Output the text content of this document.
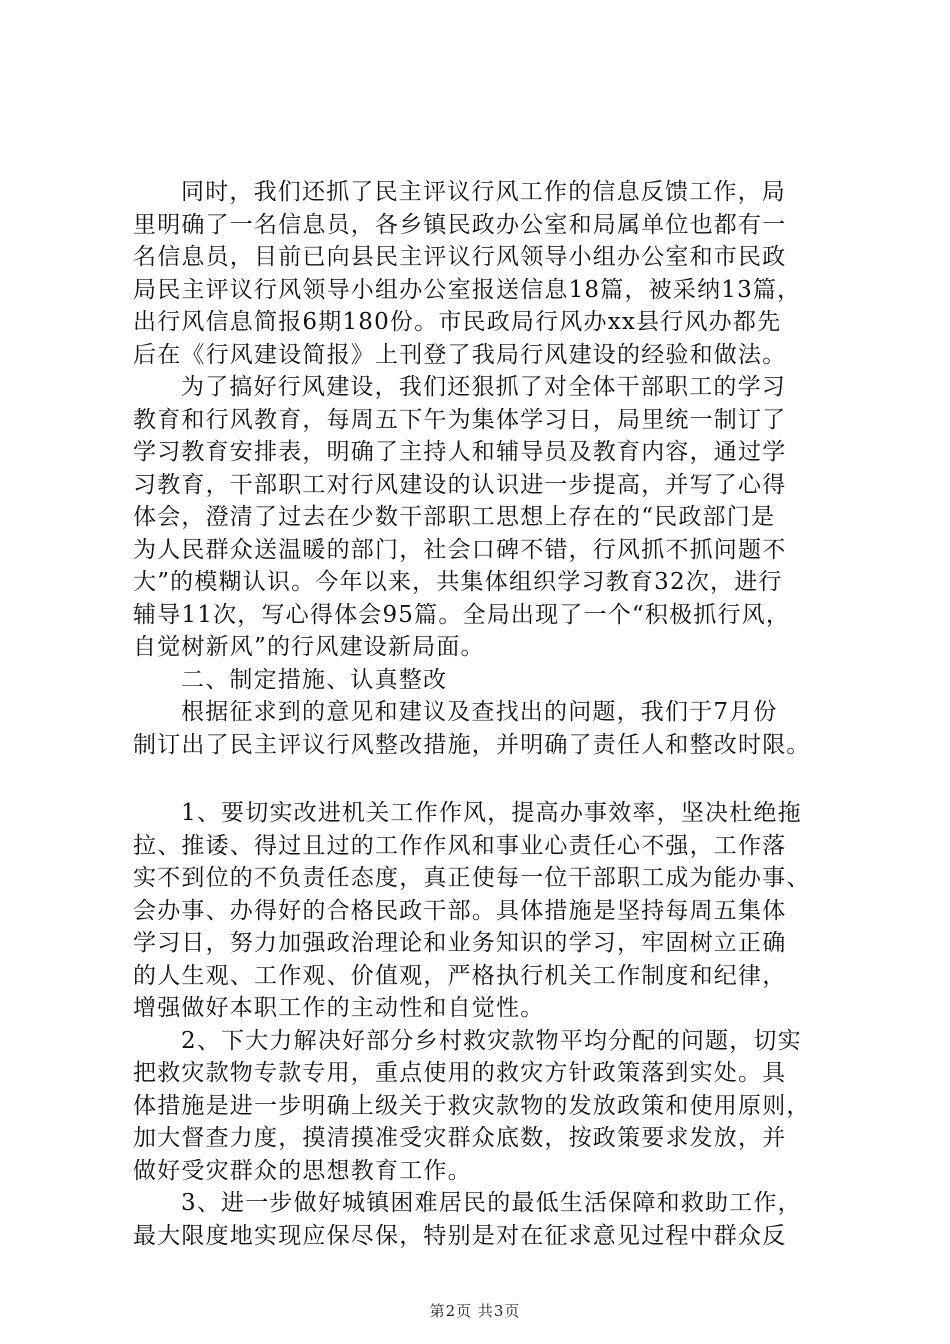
同时，我们还抓了民主评议行风工作的信息反馈工作，局
里明确了一名信息员，各乡镇民政办公室和局属单位也都有一
名信息员，目前已向县民主评议行风领导小组办公室和市民政
局民主评议行风领导小组办公室报送信息18篇，被采纳13篇，
出行风信息简报6期180份。市民政局行风办xx县行风办都先
后在《行风建设简报》上刊登了我局行风建设的经验和做法。
为了搞好行风建设，我们还狠抓了对全体干部职工的学习
教育和行风教育，每周五下午为集体学习日，局里统一制订了
学习教育安排表，明确了主持人和辅导员及教育内容，通过学
习教育，干部职工对行风建设的认识进一步提高，并写了心得
体会，澄清了过去在少数干部职工思想上存在的“民政部门是
为人民群众送温暖的部门，社会口碑不错，行风抓不抓问题不
大”的模糊认识。今年以来，共集体组织学习教育32次，进行
辅导11次，写心得体会95篇。全局出现了一个“积极抓行风，
自觉树新风”的行风建设新局面。
二、制定措施、认真整改
根据征求到的意见和建议及查找出的问题，我们于7月份
制订出了民主评议行风整改措施，并明确了责任人和整改时限。
1、要切实改进机关工作作风，提高办事效率，坚决杜绝拖
拉、推诿、得过且过的工作作风和事业心责任心不强，工作落
实不到位的不负责任态度，真正使每一位干部职工成为能办事、
会办事、办得好的合格民政干部。具体措施是坚持每周五集体
学习日，努力加强政治理论和业务知识的学习，牢固树立正确
的人生观、工作观、价值观，严格执行机关工作制度和纪律，
增强做好本职工作的主动性和自觉性。
2、下大力解决好部分乡村救灾款物平均分配的问题，切实
把救灾款物专款专用，重点使用的救灾方针政策落到实处。具
体措施是进一步明确上级关于救灾款物的发放政策和使用原则，
加大督查力度，摸清摸准受灾群众底数，按政策要求发放，并
做好受灾群众的思想教育工作。
3、进一步做好城镇困难居民的最低生活保障和救助工作，
最大限度地实现应保尽保，特别是对在征求意见过程中群众反
第2页 共3页
